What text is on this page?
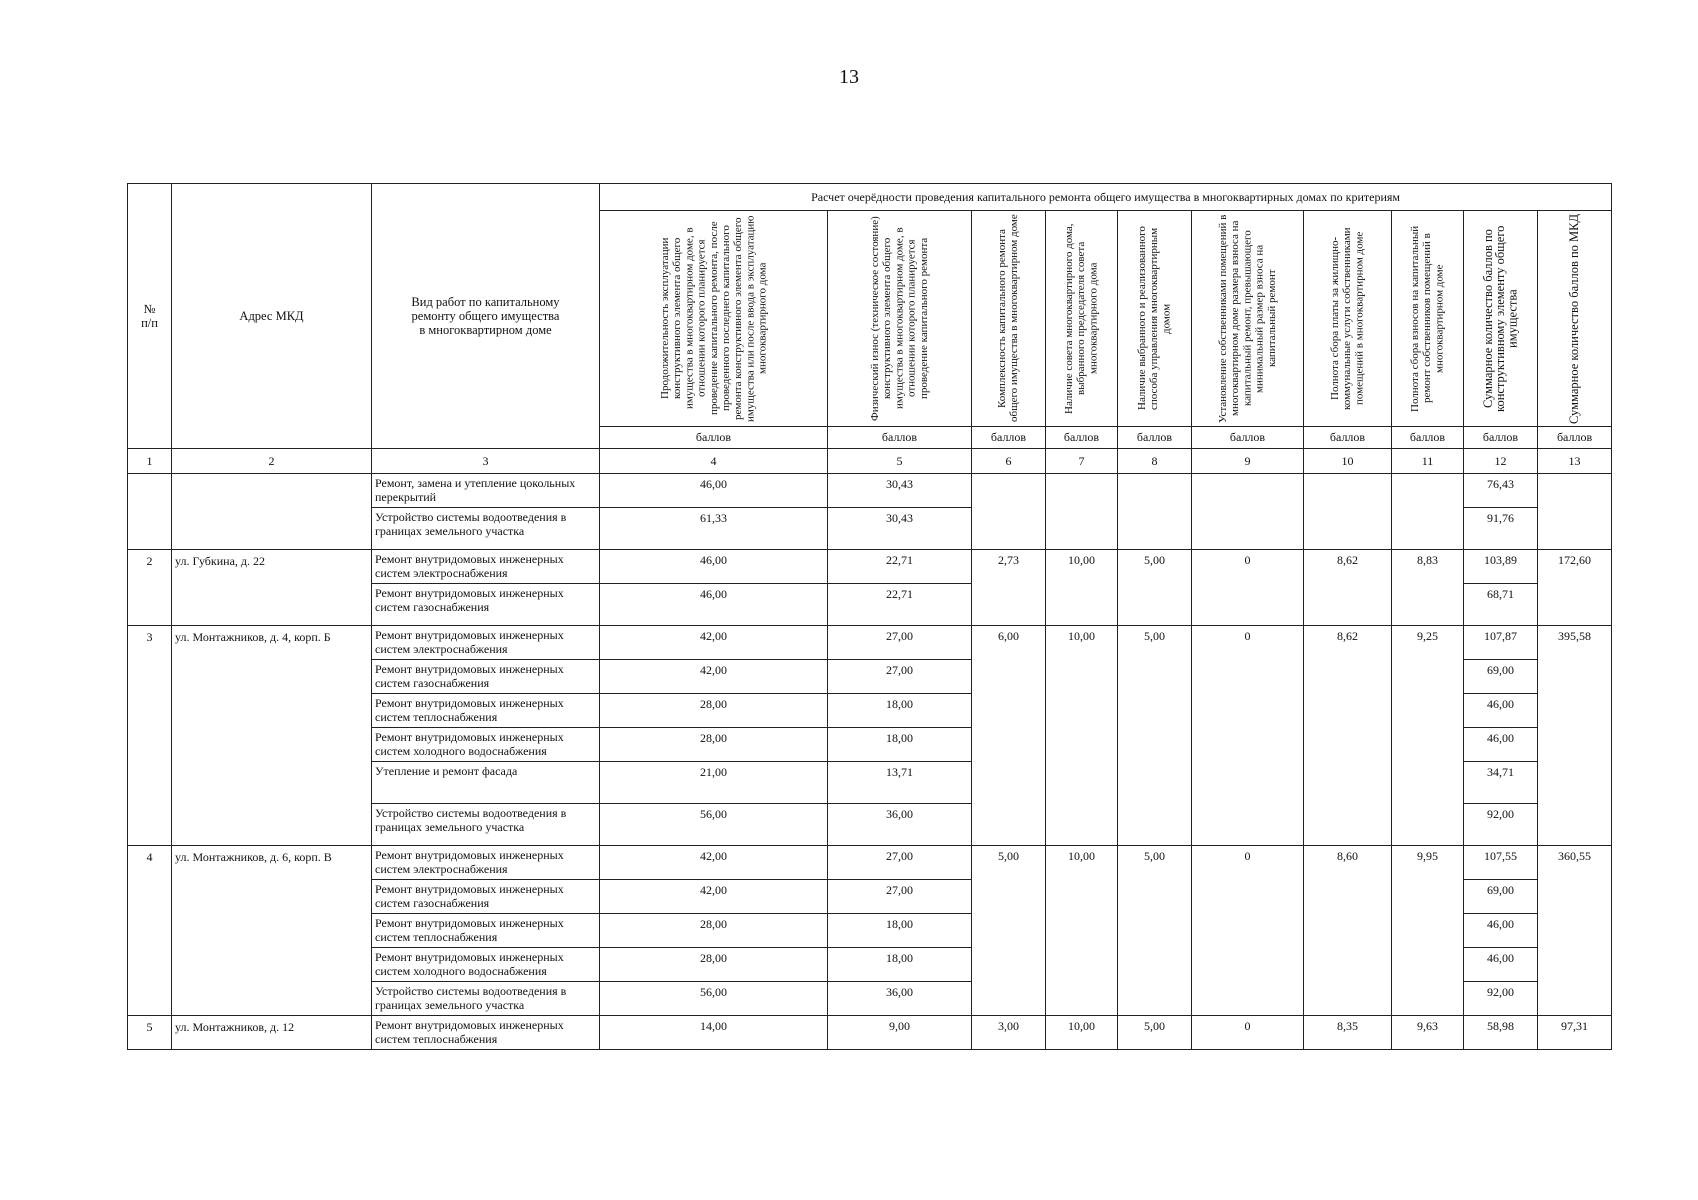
13
№
п/п	Адрес МКД	Вид работ по капитальному
ремонту общего имущества
в многоквартирном доме	Расчет очерёдности проведения капитального ремонта общего имущества в многоквартирных домах по критериям									

			Продолжительность эксплуатации конструктивного элемента общего имущества в многоквартирном доме, в отношении которого планируется проведение капитального ремонта, после проведенного последнего капитального ремонта конструктивного элемента общего имущества или после ввода в эксплуатацию многоквартирного дома	Физический износ (техническое состояние) конструктивного элемента общего имущества в многоквартирном доме, в отношении которого планируется проведение капитального ремонта	Комплексность капитального ремонта общего имущества в многоквартирном доме	Наличие совета многоквартирного дома, выбранного председателя совета многоквартирного дома	Наличие выбранного и реализованного способа управления многоквартирным домом	Установление собственниками помещений в многоквартирном доме размера взноса на капитальный ремонт, превышающего минимальный размер взноса на капитальный ремонт	Полнота сбора платы за жилищно-коммунальные услуги собственниками помещений в многоквартирном доме	Полнота сбора взносов на капитальный ремонт собственников помещений в многоквартирном доме	Суммарное количество баллов по конструктивному элементу общего имущества	Суммарное количество баллов по МКД

			баллов	баллов	баллов	баллов	баллов	баллов	баллов	баллов	баллов	баллов
1	2	3	4	5	6	7	8	9	10	11	12	13
		Ремонт, замена и утепление цокольных перекрытий	46,00	30,43							76,43	
		Устройство системы водоотведения в границах земельного участка	61,33	30,43							91,76	
2	ул. Губкина, д. 22	Ремонт внутридомовых инженерных систем электроснабжения	46,00	22,71	2,73	10,00	5,00	0	8,62	8,83	103,89	172,60
		Ремонт внутридомовых инженерных систем газоснабжения	46,00	22,71							68,71	
3	ул. Монтажников, д. 4, корп. Б	Ремонт внутридомовых инженерных систем электроснабжения	42,00	27,00	6,00	10,00	5,00	0	8,62	9,25	107,87	395,58
		Ремонт внутридомовых инженерных систем газоснабжения	42,00	27,00							69,00	
		Ремонт внутридомовых инженерных систем теплоснабжения	28,00	18,00							46,00	
		Ремонт внутридомовых инженерных систем холодного водоснабжения	28,00	18,00							46,00	
		Утепление и ремонт фасада	21,00	13,71							34,71	
		Устройство системы водоотведения в границах земельного участка	56,00	36,00							92,00	
4	ул. Монтажников, д. 6, корп. В	Ремонт внутридомовых инженерных систем электроснабжения	42,00	27,00	5,00	10,00	5,00	0	8,60	9,95	107,55	360,55
		Ремонт внутридомовых инженерных систем газоснабжения	42,00	27,00							69,00	
		Ремонт внутридомовых инженерных систем теплоснабжения	28,00	18,00							46,00	
		Ремонт внутридомовых инженерных систем холодного водоснабжения	28,00	18,00							46,00	
		Устройство системы водоотведения в границах земельного участка	56,00	36,00							92,00	
5	ул. Монтажников, д. 12	Ремонт внутридомовых инженерных систем теплоснабжения	14,00	9,00	3,00	10,00	5,00	0	8,35	9,63	58,98	97,31
